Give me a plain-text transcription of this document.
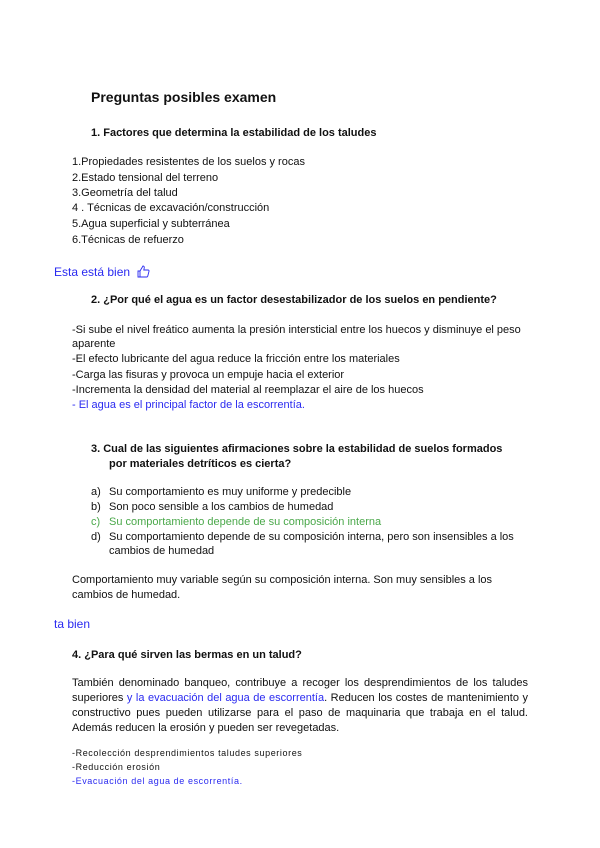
Preguntas posibles examen
1. Factores que determina la estabilidad de los taludes
1.Propiedades resistentes de los suelos y rocas
2.Estado tensional del terreno
3.Geometría del talud
4 . Técnicas de excavación/construcción
5.Agua superficial y subterránea
6.Técnicas de refuerzo
Esta está bien
2. ¿Por qué el agua es un factor desestabilizador de los suelos en pendiente?
-Si sube el nivel freático aumenta la presión intersticial entre los huecos y disminuye el peso
aparente
-El efecto lubricante del agua reduce la fricción entre los materiales
-Carga las fisuras y provoca un empuje hacia el exterior
-Incrementa la densidad del material al reemplazar el aire de los huecos
- El agua es el principal factor de la escorrentía.
3. Cual de las siguientes afirmaciones sobre la estabilidad de suelos formados
por materiales detríticos es cierta?
a) Su comportamiento es muy uniforme y predecible
b) Son poco sensible a los cambios de humedad
c) Su comportamiento depende de su composición interna
d) Su comportamiento depende de su composición interna, pero son insensibles a los
cambios de humedad
Comportamiento muy variable según su composición interna. Son muy sensibles a los
cambios de humedad.
ta bien
4. ¿Para qué sirven las bermas en un talud?
También denominado banqueo, contribuye a recoger los desprendimientos de los taludes superiores y la evacuación del agua de escorrentía. Reducen los costes de mantenimiento y constructivo pues pueden utilizarse para el paso de maquinaria que trabaja en el talud. Además reducen la erosión y pueden ser revegetadas.
-Recolección desprendimientos taludes superiores
-Reducción erosión
-Evacuación del agua de escorrentía.
